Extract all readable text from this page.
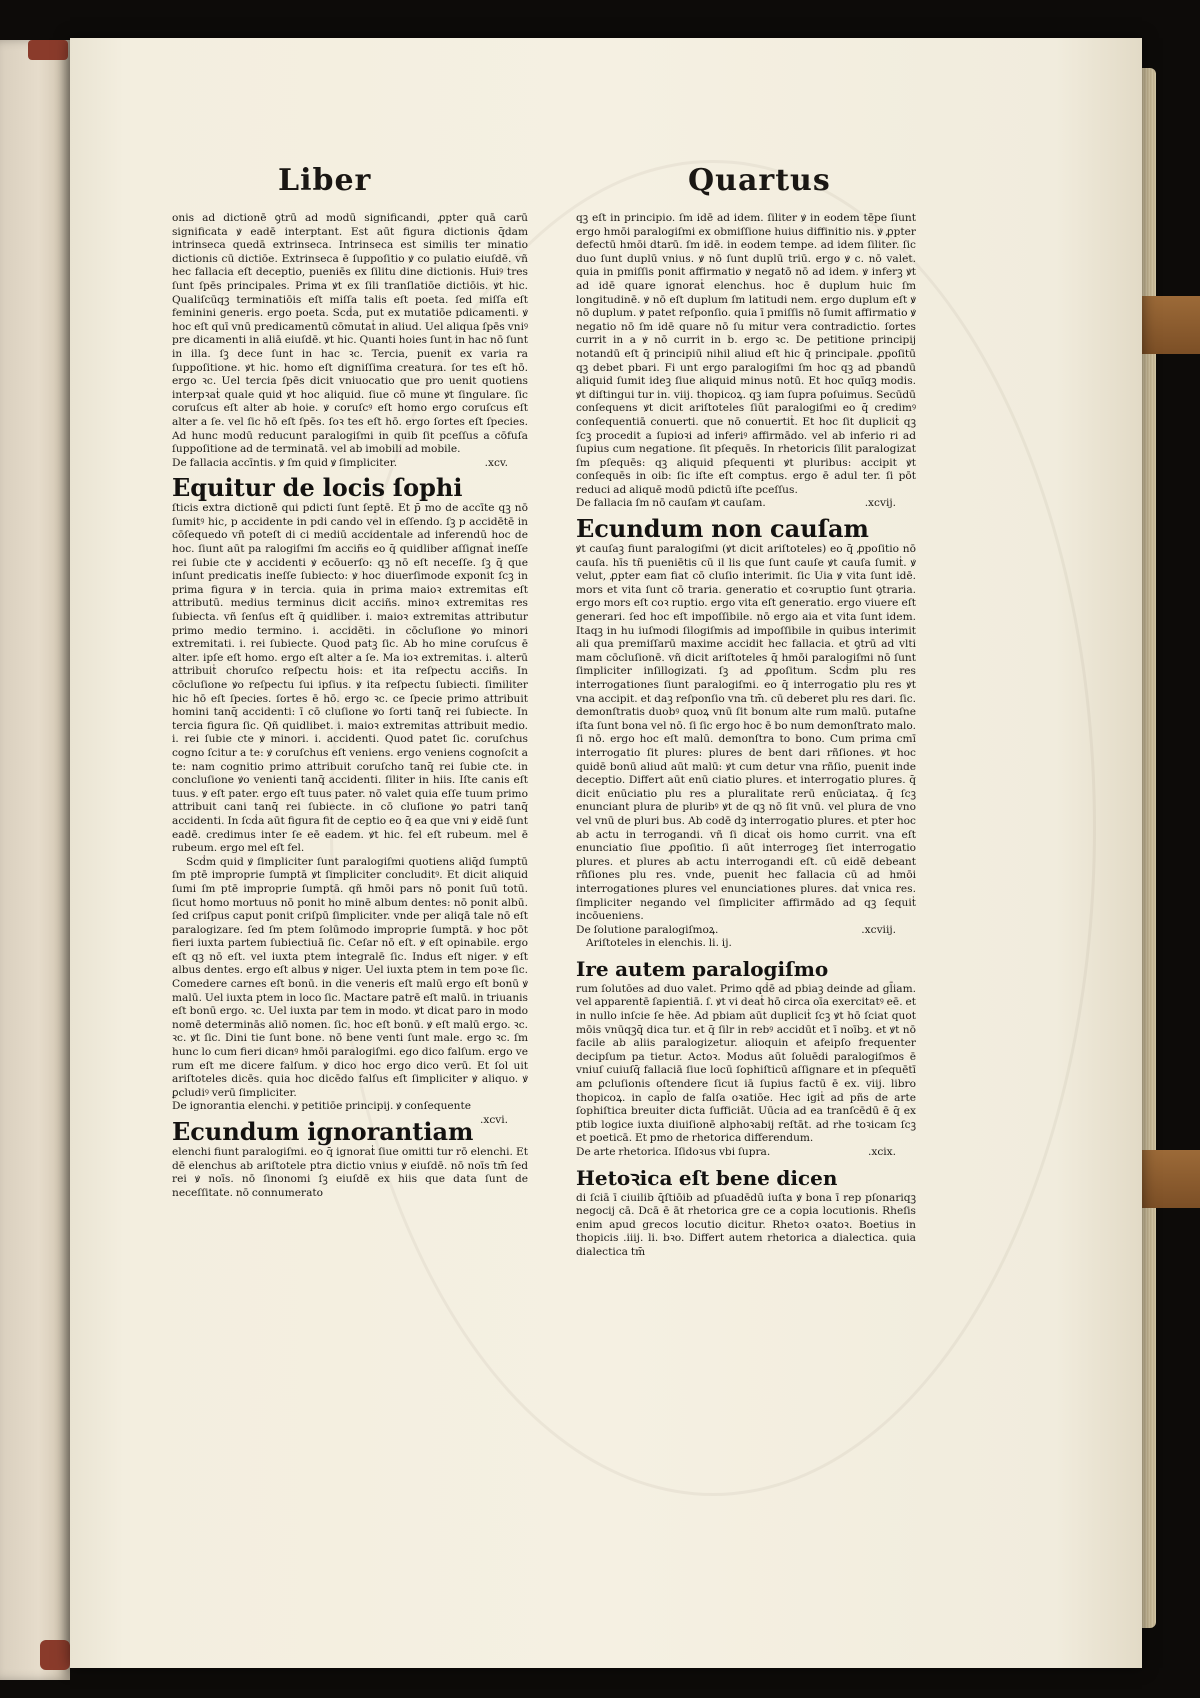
Liber	Quartus

onis ad dictionē ꝯtrū ad modū significandi, ꝓpter quā carū significata ꝟ eadē interptant. Est aūt figura dictionis q̄dam intrinseca quedā extrinseca. Intrinseca est similis ter minatio dictionis cū dictiōe. Extrinseca ē ſuppoſitio ꝟ co pulatio eiuſdē. vñ hec fallacia eſt deceptio, pueniēs ex ſilitu dine dictionis. Huiꝰ tres ſunt ſpēs principales. Prima ꝟt ex ſili tranſlatiōe dictiōis. ꝟt hic. Qualiſcūqꝫ terminatiōis eſt miſſa talis eſt poeta. ſed miſſa eſt feminini generis. ergo poeta. Scḋa, put ex mutatiōe pdicamenti. ꝟ hoc eſt quī vnū predicamentū cōmutaṫ in aliud. Uel aliqua ſpēs vniꝰ pre dicamenti in aliā eiuſdē. ꝟt hic. Quanti hoies ſunt in hac nō ſunt in illa. ſꝫ dece ſunt in hac ꝛc. Tercia, puenit ex varia ra ſuppoſitione. ꝟt hic. homo eſt digniſſima creatura. ſor tes eſt hō. ergo ꝛc. Uel tercia ſpēs dicit vniuocatio que pro uenit quotiens interpꝛaṫ quale quid ꝟt hoc aliquid. ſiue cō mune ꝟt ſingulare. ſic coruſcus eſt alter ab hoie. ꝟ coruſcꝰ eſt homo ergo coruſcus eſt alter a ſe. vel ſic hō eſt ſpēs. ſoꝛ tes eſt hō. ergo ſortes eſt ſpecies. Ad hunc modū reducunt paralogiſmi in quib ſit pceſſus a cōfuſa ſuppoſitione ad de terminatā. vel ab imobili ad mobile.

De fallacia accīntis. ꝟ ſm quid ꝟ ſimpliciter.	.xcv.

Equitur de locis ſophi

ſticis extra dictionē qui pdicti ſunt ſeptē. Et p̄ mo de accīte qꝫ nō ſumitꝰ hic, p accidente in pdi cando vel in eſſendo. ſꝫ p accidētē in cōſequedo vñ poteſt di ci mediū accidentale ad inferendū hoc de hoc. ſiunt aūt pa ralogiſmi ſm acciñs eo q̄ quidliber aſſignaṫ ineſſe rei ſubie cte ꝟ accidenti ꝟ ecōuerſo: qꝫ nō eſt neceſſe. ſꝫ q̄ que inſunt predicatis ineſſe ſubiecto: ꝟ hoc diuerſimode exponit ſcꝫ in prima figura ꝟ in tercia. quia in prima maioꝛ extremitas eſt attributū. medius terminus dicit acciñs. minoꝛ extremitas res ſubiecta. vñ ſenſus eſt q̄ quidliber. i. maioꝛ extremitas attributur primo medio termino. i. accidēti. in cōcluſione ꝟo minori extremitati. i. rei ſubiecte. Quod patꝫ ſic. Ab ho mine coruſcus ē alter. ipſe eſt homo. ergo eſt alter a ſe. Ma ioꝛ extremitas. i. alterū attribuiṫ choruſco reſpectu hois: et ita reſpectu acciñs. In cōcluſione ꝟo reſpectu ſui ipſius. ꝟ ita reſpectu ſubiecti. ſimiliter hic hō eſt ſpecies. ſortes ē hō. ergo ꝛc. ce ſpecie primo attribuit homini tanq̄ accidenti: ī cō cluſione ꝟo ſorti tanq̄ rei ſubiecte. In tercia figura ſic. Qñ quidlibet. i. maioꝛ extremitas attribuit medio. i. rei ſubie cte ꝟ minori. i. accidenti. Quod patet ſic. coruſchus cogno ſcitur a te: ꝟ coruſchus eſt veniens. ergo veniens cognoſcit a te: nam cognitio primo attribuit coruſcho tanq̄ rei ſubie cte. in concluſione ꝟo venienti tanq̄ accidenti. ſiliter in hiis. Iſte canis eſt tuus. ꝟ eſt pater. ergo eſt tuus pater. nō valet quia eſſe tuum primo attribuit cani tanq̄ rei ſubiecte. in cō cluſione ꝟo patri tanq̄ accidenti. In ſcḋa aūt figura fit de ceptio eo q̄ ea que vni ꝟ eidē ſunt eadē. credimus inter ſe eē eadem. ꝟt hic. fel eſt rubeum. mel ē rubeum. ergo mel eſt fel.

Scḋm quid ꝟ ſimpliciter ſunt paralogiſmi quotiens aliq̄d ſumptū ſm ptē improprie ſumptā ꝟt ſimpliciter concluditꝰ. Et dicit aliquid ſumi ſm ptē improprie ſumptā. qñ hmōi pars nō ponit ſuū totū. ſicut homo mortuus nō ponit ho minē album dentes: nō ponit albū. ſed criſpus caput ponit criſpū ſimpliciter. vnde per aliqā tale nō eſt paralogizare. ſed ſm ptem ſolūmodo improprie ſumptā. ꝟ hoc pōt fieri iuxta partem ſubiectiuā ſic. Ceſar nō eſt. ꝟ eſt opinabile. ergo eſt qꝫ nō eſt. vel iuxta ptem integralē ſic. Indus eſt niger. ꝟ eſt albus dentes. ergo eſt albus ꝟ niger. Uel iuxta ptem in tem poꝛe ſic. Comedere carnes eſt bonū. in die veneris eſt malū ergo eſt bonū ꝟ malū. Uel iuxta ptem in loco ſic. Mactare patrē eſt malū. in triuanis eſt bonū ergo. ꝛc. Uel iuxta par tem in modo. ꝟt dicat paro in modo nomē determinās aliō nomen. ſic. hoc eſt bonū. ꝟ eſt malū ergo. ꝛc. ꝛc. ꝟt ſic. Dini tie ſunt bone. nō bene venti ſunt male. ergo ꝛc. ſm hunc lo cum fieri dicanꝰ hmōi paralogiſmi. ego dico falſum. ergo ve rum eſt me dicere falſum. ꝟ dico hoc ergo dico verū. Et ſol uit ariſtoteles dicēs. quia hoc dicēdo falſus eſt ſimpliciter ꝟ aliquo. ꝟ ꝑcludiꝰ verū ſimpliciter.

De ignorantia elenchi. ꝟ petitiōe principij. ꝟ conſequente

.xcvi.

Ecundum ignorantiam

elenchi fiunt paralogiſmi. eo q̄ ignoraṫ ſiue omitti tur rō elenchi. Et dē elenchus ab ariſtotele ptra dictio vnius ꝟ eiuſdē. nō noīs tm̄ ſed rei ꝟ noīs. nō ſinonomi ſꝫ eiuſdē ex hiis que data ſunt de neceſſitate. nō connumerato

qꝫ eſt in principio. ſm idē ad idem. ſiliter ꝟ in eodem tēpe ſiunt ergo hmōi paralogiſmi ex obmiſſione huius diffinitio nis. ꝟ ꝓpter defectū hmōi dtarū. ſm idē. in eodem tempe. ad idem ſiliter. ſic duo ſunt duplū vnius. ꝟ nō ſunt duplū triū. ergo ꝟ c. nō valet. quia in pmiſſis ponit affirmatio ꝟ negatō nō ad idem. ꝟ inferꝫ ꝟt ad idē quare ignoraṫ elenchus. hoc ē duplum huic ſm longitudinē. ꝟ nō eſt duplum ſm latitudi nem. ergo duplum eſt ꝟ nō duplum. ꝟ patet reſponſio. quia ī pmiſſis nō ſumit affirmatio ꝟ negatio nō ſm idē quare nō ſu mitur vera contradictio. ſortes currit in a ꝟ nō currit in b. ergo ꝛc. De petitione principij notandū eſt q̄ principiū nihil aliud eſt hic q̄ principale. ꝓpoſitū qꝫ debet pbari. Fi unt ergo paralogiſmi ſm hoc qꝫ ad pbandū aliquid ſumit ideꝫ ſiue aliquid minus notū. Et hoc quīqꝫ modis. ꝟt diſtingui tur in. viij. thopicoꝝ. qꝫ iam ſupra poſuimus. Secūdū conſequens ꝟt dicit ariſtoteles ſiūt paralogiſmi eo q̄ credimꝰ conſequentiā conuerti. que nō conuertiṫ. Et hoc ſit dupliciṫ qꝫ ſcꝫ procedit a ſupioꝛi ad inferiꝰ affirmādo. vel ab inferio ri ad ſupius cum negatione. ſit pſequēs. In rhetoricis ſilit paralogizat ſm pſequēs: qꝫ aliquid pſequenti ꝟt pluribus: accipit ꝟt conſequēs in oib: ſic iſte eſt comptus. ergo ē adul ter. ſi pōt reduci ad aliquē modū pdictū iſte pceſſus.

De fallacia ſm nō cauſam ꝟt cauſam.	.xcvij.

Ecundum non cauſam

ꝟt cauſaꝫ fiunt paralogiſmi (ꝟt dicit ariſtoteles) eo q̄ ꝓpoſitio nō cauſa. hīs tñ pueniētis cū il lis que ſunt cauſe ꝟt cauſa ſumiṫ. ꝟ velut, ꝓpter eam fiat cō cluſio interimit. ſic Uia ꝟ vita ſunt idē. mors et vita ſunt cō traria. generatio et coꝛruptio ſunt ꝯtraria. ergo mors eſt coꝛ ruptio. ergo vita eſt generatio. ergo viuere eſt generari. ſed hoc eſt impoſſibile. nō ergo aia et vita ſunt idem. Itaqꝫ in hu iuſmodi ſilogiſmis ad impoſſibile in quibus interimit ali qua premiſſarū maxime accidit hec fallacia. et ꝯtrū ad vlti mam cōcluſionē. vñ dicit ariſtoteles q̄ hmōi paralogiſmi nō ſunt ſimpliciter inſillogizati. ſꝫ ad ꝓpoſitum. Scḋm plu res interrogationes ſiunt paralogiſmi. eo q̄ interrogatio plu res ꝟt vna accipit. et daꝫ reſponſio vna tm̄. cū deberet plu res dari. ſic. demonſtratis duobꝰ quoꝝ vnū ſit bonum alte rum malū. putaſne iſta ſunt bona vel nō. ſi ſic ergo hoc ē bo num demonſtrato malo. ſi nō. ergo hoc eſt malū. demonſtra to bono. Cum prima cmī interrogatio ſit plures: plures de bent dari rñſiones. ꝟt hoc quidē bonū aliud aūt malū: ꝟt cum detur vna rñſio, puenit inde deceptio. Differt aūt enū ciatio plures. et interrogatio plures. q̄ dicit enūciatio plu res a pluralitate rerū enūciataꝝ. q̄ ſcꝫ enunciant plura de pluribꝰ ꝟt de qꝫ nō ſit vnū. vel plura de vno vel vnū de pluri bus. Ab codē dꝫ interrogatio plures. et pter hoc ab actu in terrogandi. vñ ſi dicaṫ ois homo currit. vna eſt enunciatio ſiue ꝓpoſitio. ſi aūt interrogeꝫ ſiet interrogatio plures. et plures ab actu interrogandi eſt. cū eidē debeant rñſiones plu res. vnde, puenit hec fallacia cū ad hmōi interrogationes plures vel enunciationes plures. daṫ vnica res. ſimpliciter negando vel ſimpliciter affirmādo ad qꝫ ſequiṫ incōueniens.

De ſolutione paralogiſmoꝝ.	.xcviij.

Ariſtoteles in elenchis. li. ij.

Ire autem paralogiſmo

rum ſolutōes ad duo valet. Primo qḋē ad pbiaꝫ deinde ad gl̄iam. vel apparentē ſapientiā. ſ. ꝟt vi deaṫ hō circa oīa exercitatꝰ eē. et in nullo inſcie ſe hēe. Ad pbiam aūt dupliciṫ ſcꝫ ꝟt hō ſciat quot mōis vnūqꝫq̄ dica tur. et q̄ ſilr in rebꝰ accidūt et ī noībꝫ. et ꝟt nō facile ab aliis paralogizetur. alioquin et afeipſo frequenter decipſum pa tietur. Actoꝛ. Modus aūt ſoluēdi paralogiſmos ē vniuſ cuiuſq̄ fallaciā ſiue locū ſophiſticū aſſignare et in pſequētī am ꝑcluſionis oſtendere ſicut iā ſupius factū ē ex. viij. libro thopicoꝝ. in capl̄o de falſa oꝛatiōe. Hec igiṫ ad pñs de arte ſophiſtica breuiter dicta ſufficiāt. Uūcia ad ea tranſcēdū ē q̄ ex ptib logice iuxta diuiſionē alphoꝛabij reſtāt. ad rhe toꝛicam ſcꝫ et poeticā. Et pmo de rhetorica differendum.

De arte rhetorica. Iſidoꝛus vbi ſupra.	.xcix.

Hetoꝛica eſt bene dicen

di ſciā ī ciuilib q̄ſtiōib ad pſuadēdū iuſta ꝟ bona ī rep pſonariqꝫ negocij cā. Dcā ē āt rhetorica gre ce a copia locutionis. Rheſis enim apud grecos locutio dicitur. Rhetoꝛ oꝛatoꝛ. Boetius in thopicis .iiij. li. bꝛo. Differt autem rhetorica a dialectica. quia dialectica tm̄
